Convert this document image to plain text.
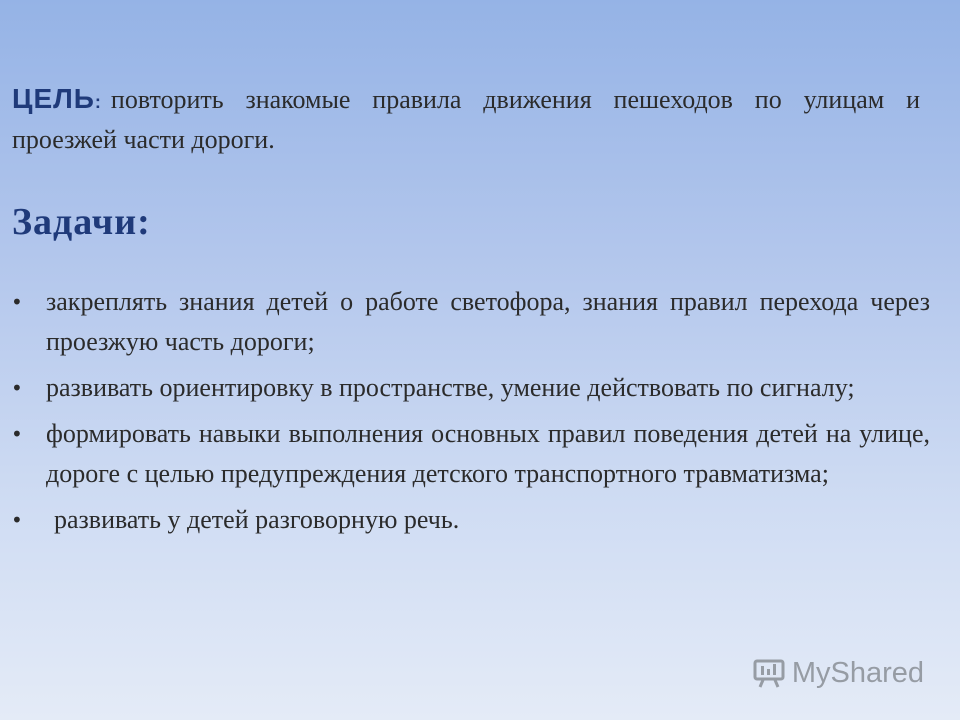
ЦЕЛЬ: повторить знакомые правила движения пешеходов по улицам и проезжей части дороги.
Задачи:
• закреплять знания детей о работе светофора, знания правил перехода через проезжую часть дороги;
• развивать ориентировку в пространстве, умение действовать по сигналу;
• формировать навыки выполнения основных правил поведения детей на улице, дороге с целью предупреждения детского транспортного травматизма;
• развивать у детей разговорную речь.
MyShared
